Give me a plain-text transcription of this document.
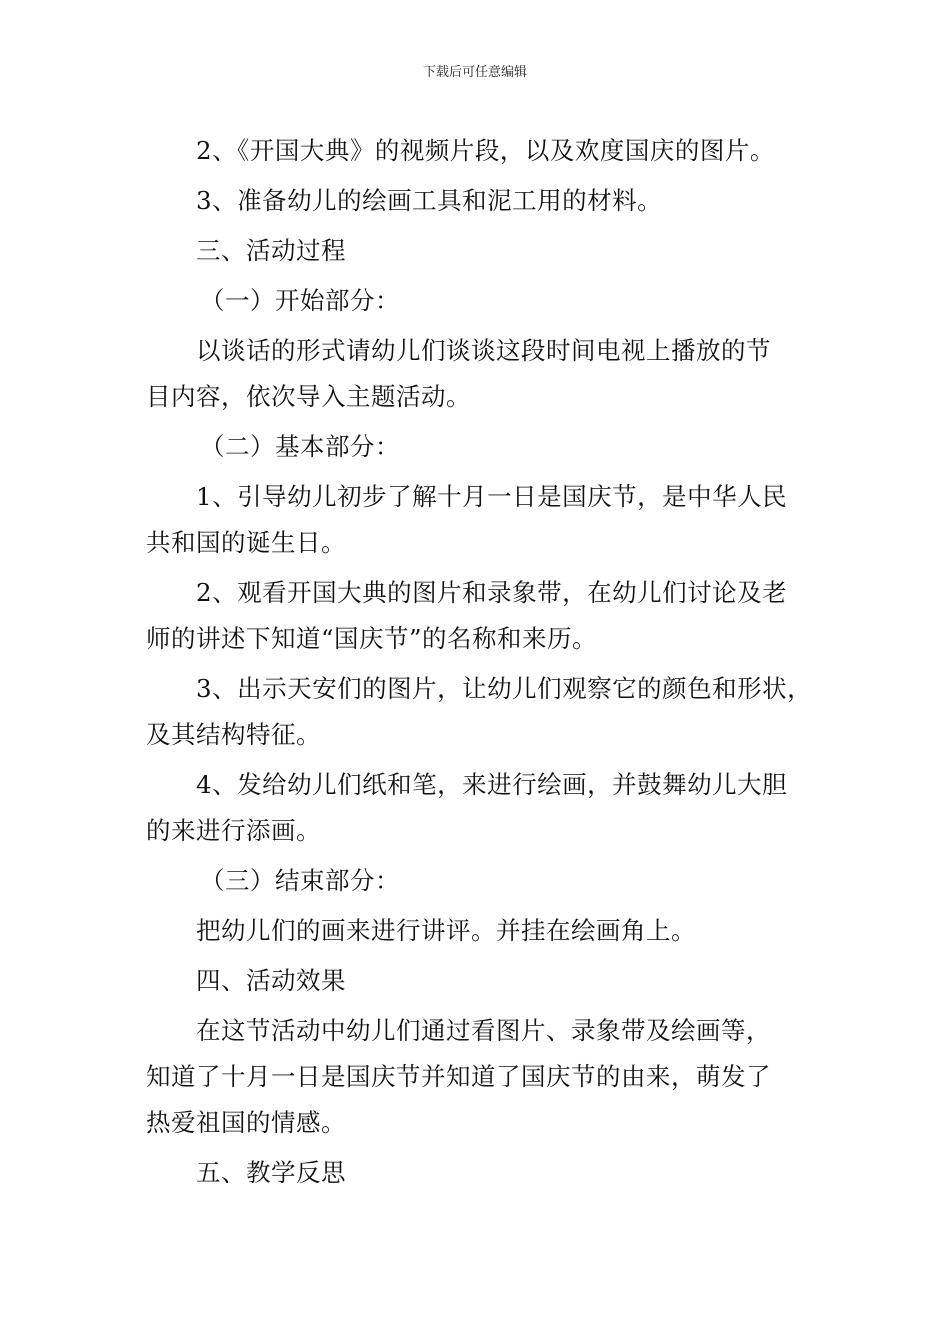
下载后可任意编辑
2、《开国大典》的视频片段，以及欢度国庆的图片。
3、准备幼儿的绘画工具和泥工用的材料。
三、活动过程
（一）开始部分：
以谈话的形式请幼儿们谈谈这段时间电视上播放的节
目内容，依次导入主题活动。
（二）基本部分：
1、引导幼儿初步了解十月一日是国庆节，是中华人民
共和国的诞生日。
2、观看开国大典的图片和录象带，在幼儿们讨论及老
师的讲述下知道“国庆节”的名称和来历。
3、出示天安们的图片，让幼儿们观察它的颜色和形状，
及其结构特征。
4、发给幼儿们纸和笔，来进行绘画，并鼓舞幼儿大胆
的来进行添画。
（三）结束部分：
把幼儿们的画来进行讲评。并挂在绘画角上。
四、活动效果
在这节活动中幼儿们通过看图片、录象带及绘画等，
知道了十月一日是国庆节并知道了国庆节的由来，萌发了
热爱祖国的情感。
五、教学反思
